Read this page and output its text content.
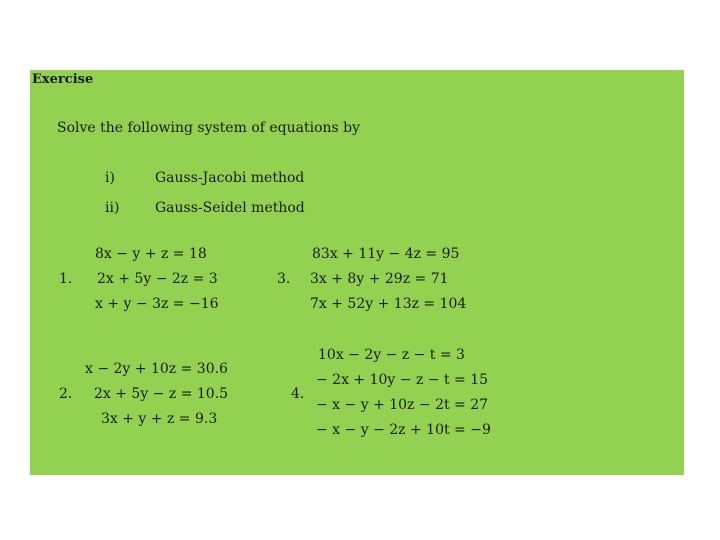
Exercise
Solve the following system of equations by
i)	Gauss-Jacobi method
ii)	Gauss-Seidel method
1.
8x − y + z = 18
2x + 5y − 2z = 3
x + y − 3z = −16
2.
x − 2y + 10z = 30.6
2x + 5y − z = 10.5
3x + y + z = 9.3
3.
83x + 11y − 4z = 95
3x + 8y + 29z = 71
7x + 52y + 13z = 104
4.
10x − 2y − z − t = 3
− 2x + 10y − z − t = 15
− x − y + 10z − 2t = 27
− x − y − 2z + 10t = −9
